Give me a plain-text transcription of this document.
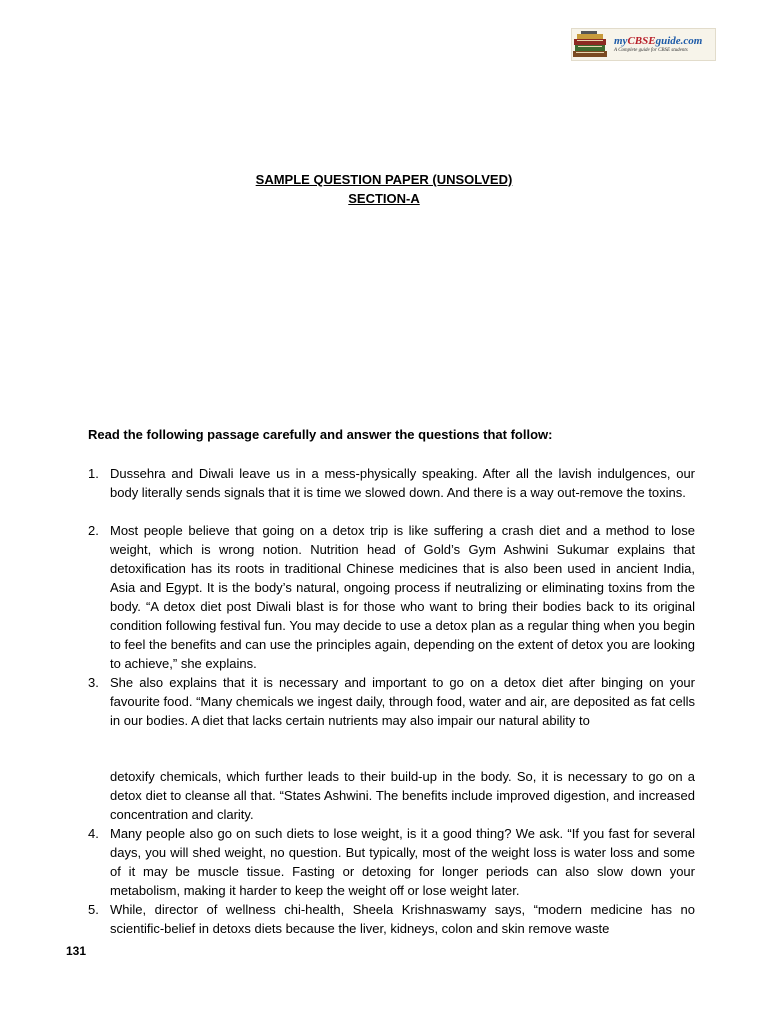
myCBSEguide.com
A Complete guide for CBSE students
SAMPLE QUESTION PAPER (UNSOLVED)
SECTION-A
Read the following passage carefully and answer the questions that follow:
1. Dussehra and Diwali leave us in a mess-physically speaking. After all the lavish indulgences, our body literally sends signals that it is time we slowed down. And there is a way out-remove the toxins.
2. Most people believe that going on a detox trip is like suffering a crash diet and a method to lose weight, which is wrong notion. Nutrition head of Gold’s Gym Ashwini Sukumar explains that detoxification has its roots in traditional Chinese medicines that is also been used in ancient India, Asia and Egypt. It is the body’s natural, ongoing process if neutralizing or eliminating toxins from the body. “A detox diet post Diwali blast is for those who want to bring their bodies back to its original condition following festival fun. You may decide to use a detox plan as a regular thing when you begin to feel the benefits and can use the principles again, depending on the extent of detox you are looking to achieve,” she explains.
3. She also explains that it is necessary and important to go on a detox diet after binging on your favourite food. “Many chemicals we ingest daily, through food, water and air, are deposited as fat cells in our bodies. A diet that lacks certain nutrients may also impair our natural ability to
detoxify chemicals, which further leads to their build-up in the body. So, it is necessary to go on a detox diet to cleanse all that. “States Ashwini. The benefits include improved digestion, and increased concentration and clarity.
4. Many people also go on such diets to lose weight, is it a good thing? We ask. “If you fast for several days, you will shed weight, no question. But typically, most of the weight loss is water loss and some of it may be muscle tissue. Fasting or detoxing for longer periods can also slow down your metabolism, making it harder to keep the weight off or lose weight later.
5. While, director of wellness chi-health, Sheela Krishnaswamy says, “modern medicine has no scientific-belief in detoxs diets because the liver, kidneys, colon and skin remove waste
131
